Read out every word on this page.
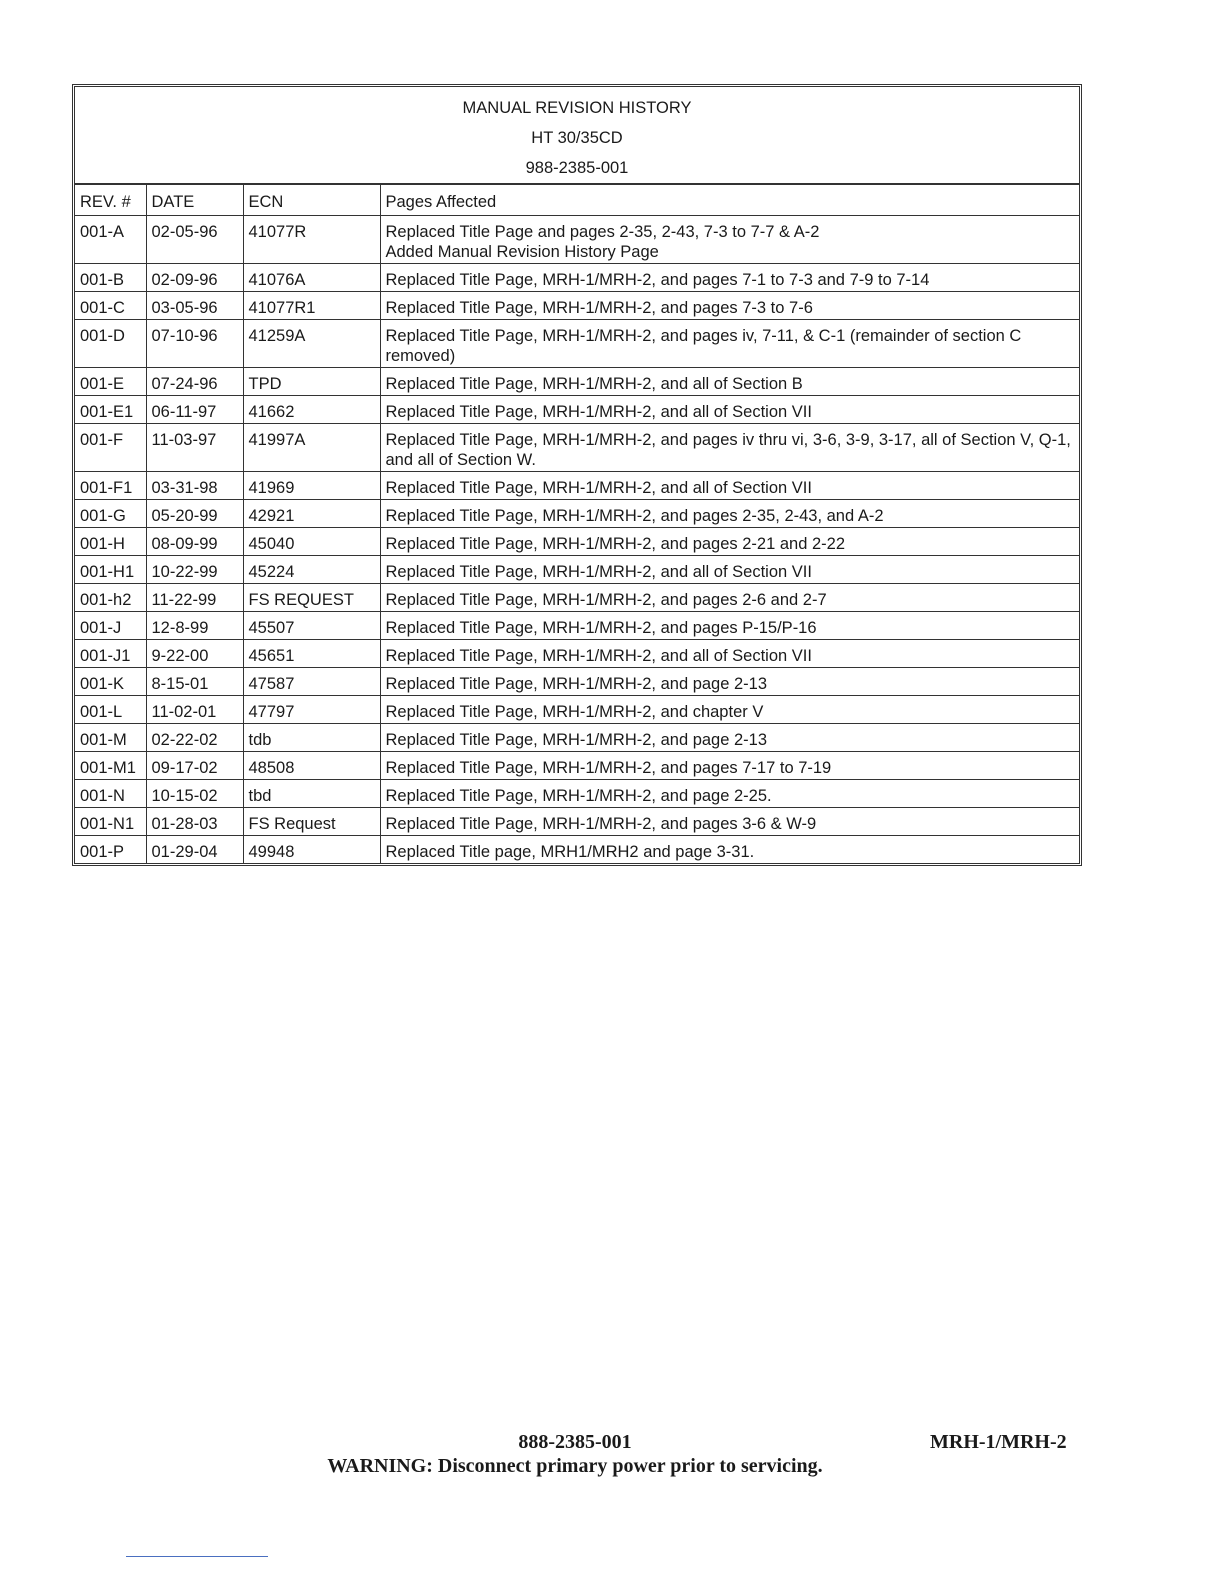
MANUAL REVISION HISTORY
HT 30/35CD
988-2385-001
REV. #	DATE	ECN	Pages Affected
001-A	02-05-96	41077R	Replaced Title Page and pages 2-35, 2-43, 7-3 to 7-7 & A-2
Added Manual Revision History Page
001-B	02-09-96	41076A	Replaced Title Page, MRH-1/MRH-2, and pages 7-1 to 7-3 and 7-9 to 7-14
001-C	03-05-96	41077R1	Replaced Title Page, MRH-1/MRH-2, and pages 7-3 to 7-6
001-D	07-10-96	41259A	Replaced Title Page, MRH-1/MRH-2, and pages iv, 7-11, & C-1 (remainder of section C removed)
001-E	07-24-96	TPD	Replaced Title Page, MRH-1/MRH-2, and all of Section B
001-E1	06-11-97	41662	Replaced Title Page, MRH-1/MRH-2, and all of Section VII
001-F	11-03-97	41997A	Replaced Title Page, MRH-1/MRH-2, and pages iv thru vi, 3-6, 3-9, 3-17, all of Section V, Q-1, and all of Section W.
001-F1	03-31-98	41969	Replaced Title Page, MRH-1/MRH-2, and all of Section VII
001-G	05-20-99	42921	Replaced Title Page, MRH-1/MRH-2, and pages 2-35, 2-43, and A-2
001-H	08-09-99	45040	Replaced Title Page, MRH-1/MRH-2, and pages 2-21 and 2-22
001-H1	10-22-99	45224	Replaced Title Page, MRH-1/MRH-2, and all of Section VII
001-h2	11-22-99	FS REQUEST	Replaced Title Page, MRH-1/MRH-2, and pages 2-6 and 2-7
001-J	12-8-99	45507	Replaced Title Page, MRH-1/MRH-2, and pages P-15/P-16
001-J1	9-22-00	45651	Replaced Title Page, MRH-1/MRH-2, and all of Section VII
001-K	8-15-01	47587	Replaced Title Page, MRH-1/MRH-2, and page 2-13
001-L	11-02-01	47797	Replaced Title Page, MRH-1/MRH-2, and chapter V
001-M	02-22-02	tdb	Replaced Title Page, MRH-1/MRH-2, and page 2-13
001-M1	09-17-02	48508	Replaced Title Page, MRH-1/MRH-2, and pages 7-17 to 7-19
001-N	10-15-02	tbd	Replaced Title Page, MRH-1/MRH-2, and page 2-25.
001-N1	01-28-03	FS Request	Replaced Title Page, MRH-1/MRH-2, and pages 3-6 & W-9
001-P	01-29-04	49948	Replaced Title page, MRH1/MRH2 and page 3-31.
888-2385-001	MRH-1/MRH-2
WARNING: Disconnect primary power prior to servicing.
